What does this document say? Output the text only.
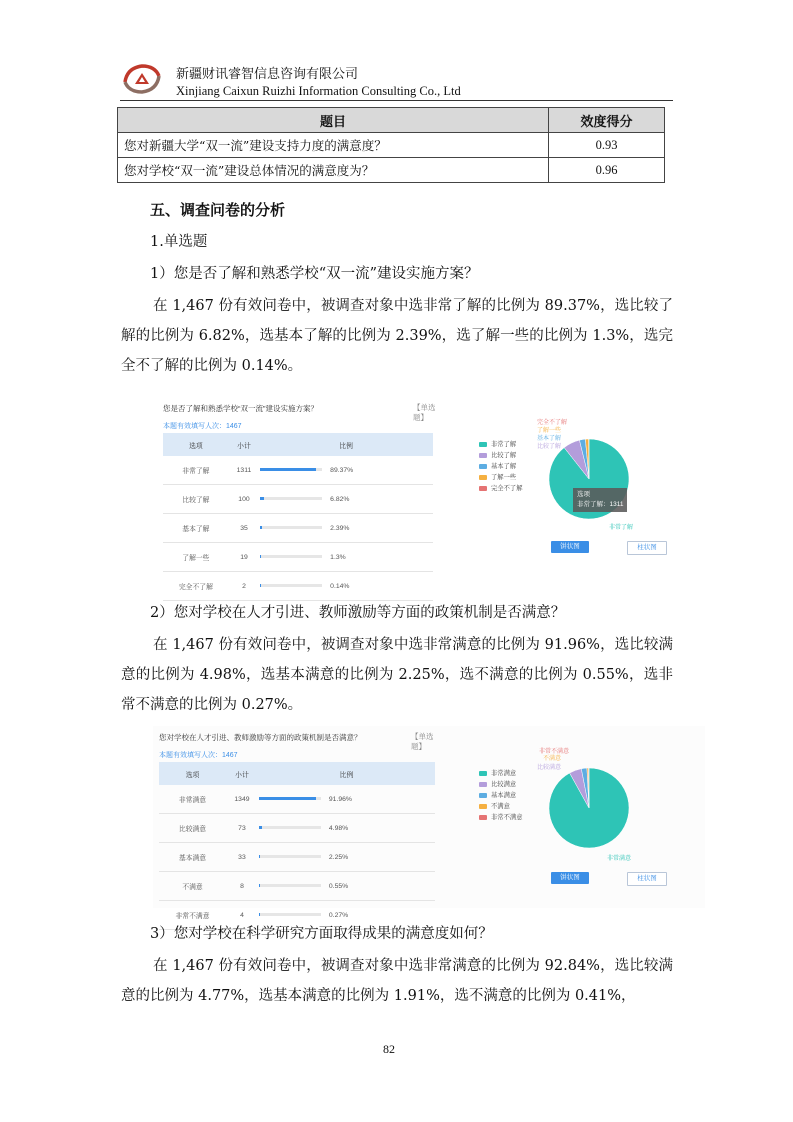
新疆财讯睿智信息咨询有限公司
Xinjiang Caixun Ruizhi Information Consulting Co., Ltd
题目	效度得分
您对新疆大学“双一流”建设支持力度的满意度？	0.93
您对学校“双一流”建设总体情况的满意度为？	0.96
五、调查问卷的分析
1.单选题
1）您是否了解和熟悉学校“双一流”建设实施方案？
在 1,467 份有效问卷中，被调查对象中选非常了解的比例为 89.37%，选比较了解的比例为 6.82%，选基本了解的比例为 2.39%，选了解一些的比例为 1.3%，选完全不了解的比例为 0.14%。
您是否了解和熟悉学校“双一流”建设实施方案？	【单选题】
本题有效填写人次：1467
选项	小计	比例
非常了解	1311	89.37%
比较了解	100	6.82%
基本了解	35	2.39%
了解一些	19	1.3%
完全不了解	2	0.14%
非常了解
比较了解
基本了解
了解一些
完全不了解
完全不了解
了解一些
基本了解
比较了解
非常了解
选项
非常了解：1311
饼状图	柱状图
2）您对学校在人才引进、教师激励等方面的政策机制是否满意？
在 1,467 份有效问卷中，被调查对象中选非常满意的比例为 91.96%，选比较满意的比例为 4.98%，选基本满意的比例为 2.25%，选不满意的比例为 0.55%，选非常不满意的比例为 0.27%。
您对学校在人才引进、教师激励等方面的政策机制是否满意？	【单选题】
本题有效填写人次：1467
选项	小计	比例
非常满意	1349	91.96%
比较满意	73	4.98%
基本满意	33	2.25%
不满意	8	0.55%
非常不满意	4	0.27%
非常满意
比较满意
基本满意
不满意
非常不满意
非常不满意
不满意
比较满意
非常满意
饼状图	柱状图
3）您对学校在科学研究方面取得成果的满意度如何？
在 1,467 份有效问卷中，被调查对象中选非常满意的比例为 92.84%，选比较满意的比例为 4.77%，选基本满意的比例为 1.91%，选不满意的比例为 0.41%，
82
